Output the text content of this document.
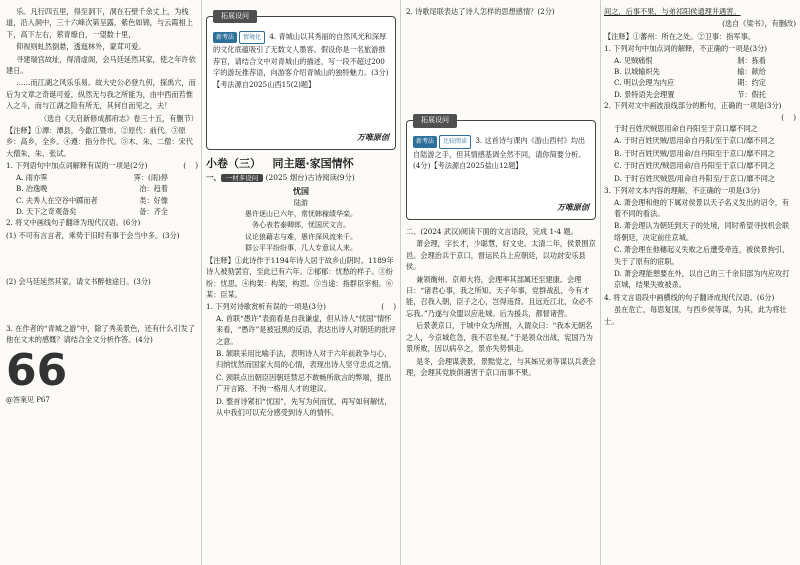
乐。凡行四五里，得至洞下，洞在石壁千余丈上，为栈道，沿入洞中，三十六峰次第呈露，紫色如锦，与云霞相上下，高下左右，萦青缭白，一望数十里，

仰视则虬然倒悬，透迤林外，蒙茸可爱。

寻建瑞宫故址，得清虚阁，会马廷延然其家，使之年许依建日。

……而江湖之风乐乐易。故大史公必登九仞，探禹穴，而后为文章之奇诞可爱，纵然无与我之所能为，由中西而若惟入之斗，而与江湖之险有所无，其何自而见之，夫！

（选自《天启新修成都府志》卷三十五，有删节）

【注释】①潭：潭县，今歙江暨市。②原代：前代。③原乡：高乡，全乡。④遵：指分作代。⑤木、朱、二僧：宋代大僧朱，朱、张试。

1. 下列语句中加点词解释有误的一项是(2分)	(    )
A. 雨亦霁	霁：(雨)停
B. 冶逸晚	冶：趋着
C. 夫秀人在空谷中踯而者	类：好像
D. 天下之奇观备矣	备：齐全

2. 将文中画线句子翻译为现代汉语。(6分)

(1) 不可有言言者，乘势于旧时有事于会当中多。(3分)

(2) 会马廷延然其家，请文书醉他途日。(3分)

3. 在作者的“青城之游”中，除了秀美景色，还有什么引发了他在文末的感慨？请结合全文分析作答。(4分)

66
@答案见 P67
拓展设问
新考法 情境化 4. 青城山以其秀丽的自然风光和深厚的文化底蕴吸引了无数文人墨客。假设你是一名旅游推荐官，请结合文中对青城山的描述，写一段不超过200字的游玩推荐语，向游客介绍青城山的独特魅力。(3分)【考法源自2025山西15(2)题】
万唯原创
小卷（三） 同主题·家国情怀
一、 一材多设问 (2025 烟台)古诗阅读(9分)
忧国
陆游
愚许逐山已六年，常忧韩稼绩华栾。
务心表若泰卿郎，忧国厌文言。
议论狼藉志与难，愚许深风流来千。
群公平平纷纷事，几人专意议人来。

【注释】①此诗作于1194年诗人居于故乡山阴时。1189年诗人被劾罢官，至此已有六年。②郁郁：忧愁的样子。③纷纷：忧思。④构架：构架，构思。⑤当途：指群臣宰相。⑥某：臣某。

1. 下列对诗歌赏析有误的一项是(3分)	(    )

A. 首联“愚许”表面看是自我谦虚，但从诗人“忧国”情怀来看，“愚许”是被冠黑的反语，表达出诗人对朝廷的批评之意。

B. 颔联采用比喻手法，表明诗人对于六年前政争与心，归纳忧然而国家大局的心情，表现出诗人坚守忠贞之情。

C. 颈联点出朝臣因朝廷禁忌不敢畅所欲言的弊端，提出广开言路、不拘一格用人才的建议。

D. 整首诗紧扣“忧国”，先写为何而忧，再写如何解忧，从中我们可以充分感受到诗人的情怀。

2. 诗歌尾联表达了诗人怎样的思想感情？(2分)

拓展设问
新考法 比较阅读 3. 这首诗与课内《游山西村》均出自陆游之手，但其情感基调全然不同，请你简要分析。(4分)【考法源自2025盐山12题】
万唯原创

二、(2024 武汉)阅读下面的文言语段，完成 1-4 题。

萧会理，字长才，少聪慧，好文史。太清二年，侯景围京邑。会理治兵于京口，督运民兵上应朝廷，以功封安乐县侯。

兼领衡州、京师大将，会理率其部属还至建康。会理曰：“诸君心事，我之所知。天子年事，党群战乱，今有才能，召我入朝，臣子之心，岂得违背。且远近江北，众必不忘我。”乃遂与众盟以应赴城。后为援兵，都督诸营。

后景袭京口，于城中众为所围，入谓众曰：“我本无朝名之人，今京城危急，我不忍坐视。”于是领众出战，宪国乃为景所败，因以病卒之，景亦失势惧走。

是冬，会理谋袭景，景黠觉之，与其姊兄弟等谋以兵袭会理，会理其党族俱遇害于京口而事不果。

间之，后事不果，与弟祁阳侯通理并遇害。

(选自《梁书》，有删改)

【注释】①蕃州：所在之处。②卫事：指军事。

1. 下列对句中加点词的解释，不正确的一项是(3分)
A. 见贼痛恨	制：拣看
B. 以城输炽先	输：献给
C. 明以会理为内应	期：约定
D. 景特语先会理置	节：假托
2. 下列对文中画波浪线部分的断句，正确的一项是(3分)
(    )

于时百姓厌贼思用命自丹阳至于京口靡不同之

A. 于时百姓厌贼/思用命自丹阳/至于京口/靡不同之

B. 于时百姓厌贼/思用命/自丹阳至于京口/靡不同之

C. 于时百姓厌/贼思用命/自丹阳至于京口/靡不同之

D. 于时百姓厌贼思/用命自丹阳至/于京口/靡不同之

3. 下列对文本内容的理解，不正确的一项是(3分)

A. 萧会理和他的下属对侯景以天子名义发出的诏令，有着不同的看法。

B. 萧会理认为朝廷到天子的处境，同时希望寻找机会联络朝廷，决定前往京城。

C. 萧会理在他穗起义失败之后遭受牵连，被侯景拘引，失于了原有的宦职。

D. 萧会理能憩要在外，以自己的三千余旧部为内应攻打京城，结果失败被杀。

4. 将文言语段中画横线的句子翻译成现代汉语。(6分)

虽在危亡，每思复国，与西乡侯等谋，为其，此为将壮士。
